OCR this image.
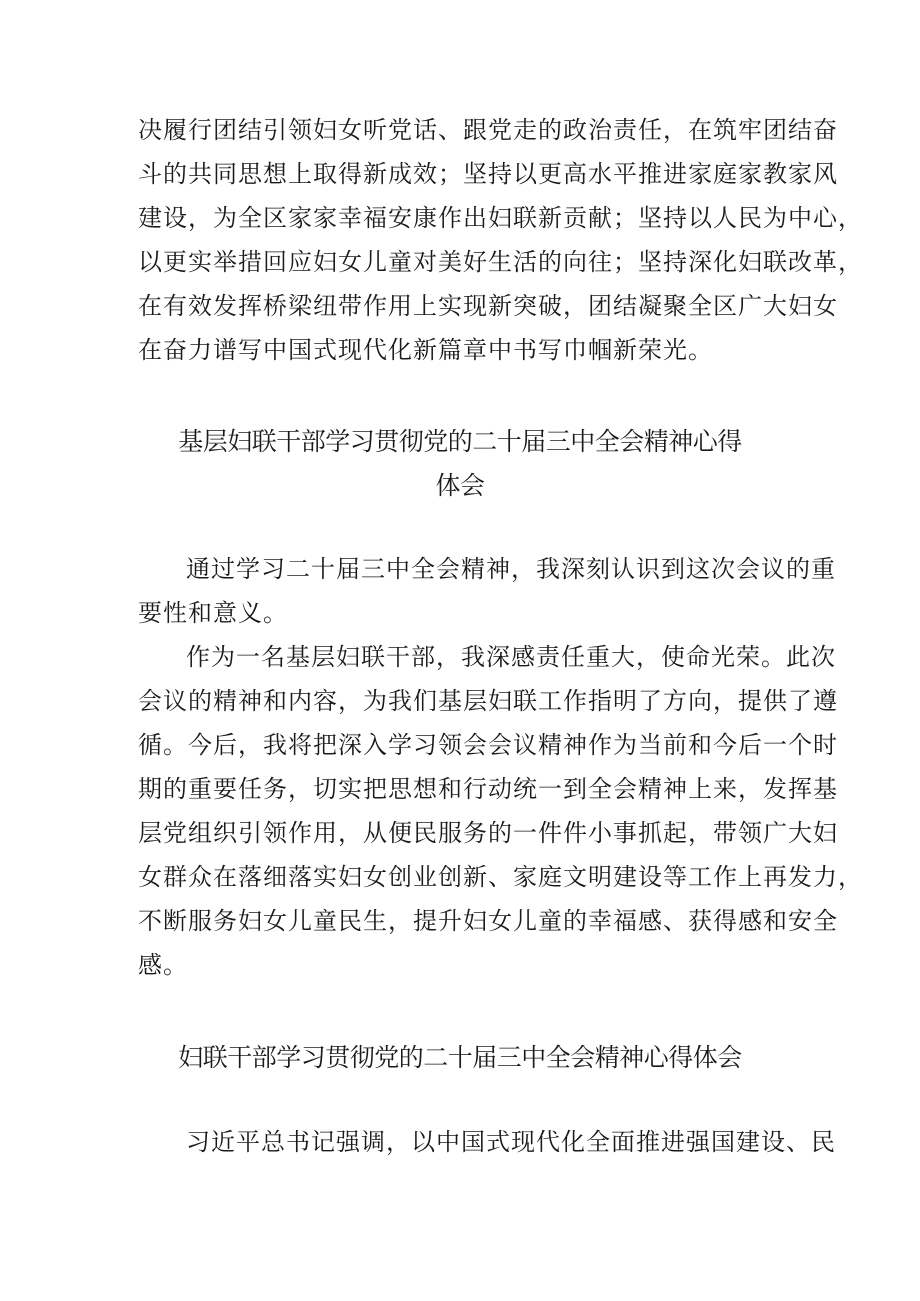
决履行团结引领妇女听党话、跟党走的政治责任，在筑牢团结奋
斗的共同思想上取得新成效；坚持以更高水平推进家庭家教家风
建设，为全区家家幸福安康作出妇联新贡献；坚持以人民为中心，
以更实举措回应妇女儿童对美好生活的向往；坚持深化妇联改革，
在有效发挥桥梁纽带作用上实现新突破，团结凝聚全区广大妇女
在奋力谱写中国式现代化新篇章中书写巾帼新荣光。
基层妇联干部学习贯彻党的二十届三中全会精神心得
体会
通过学习二十届三中全会精神，我深刻认识到这次会议的重
要性和意义。
作为一名基层妇联干部，我深感责任重大，使命光荣。此次
会议的精神和内容，为我们基层妇联工作指明了方向，提供了遵
循。今后，我将把深入学习领会会议精神作为当前和今后一个时
期的重要任务，切实把思想和行动统一到全会精神上来，发挥基
层党组织引领作用，从便民服务的一件件小事抓起，带领广大妇
女群众在落细落实妇女创业创新、家庭文明建设等工作上再发力，
不断服务妇女儿童民生，提升妇女儿童的幸福感、获得感和安全
感。
妇联干部学习贯彻党的二十届三中全会精神心得体会
习近平总书记强调，以中国式现代化全面推进强国建设、民
